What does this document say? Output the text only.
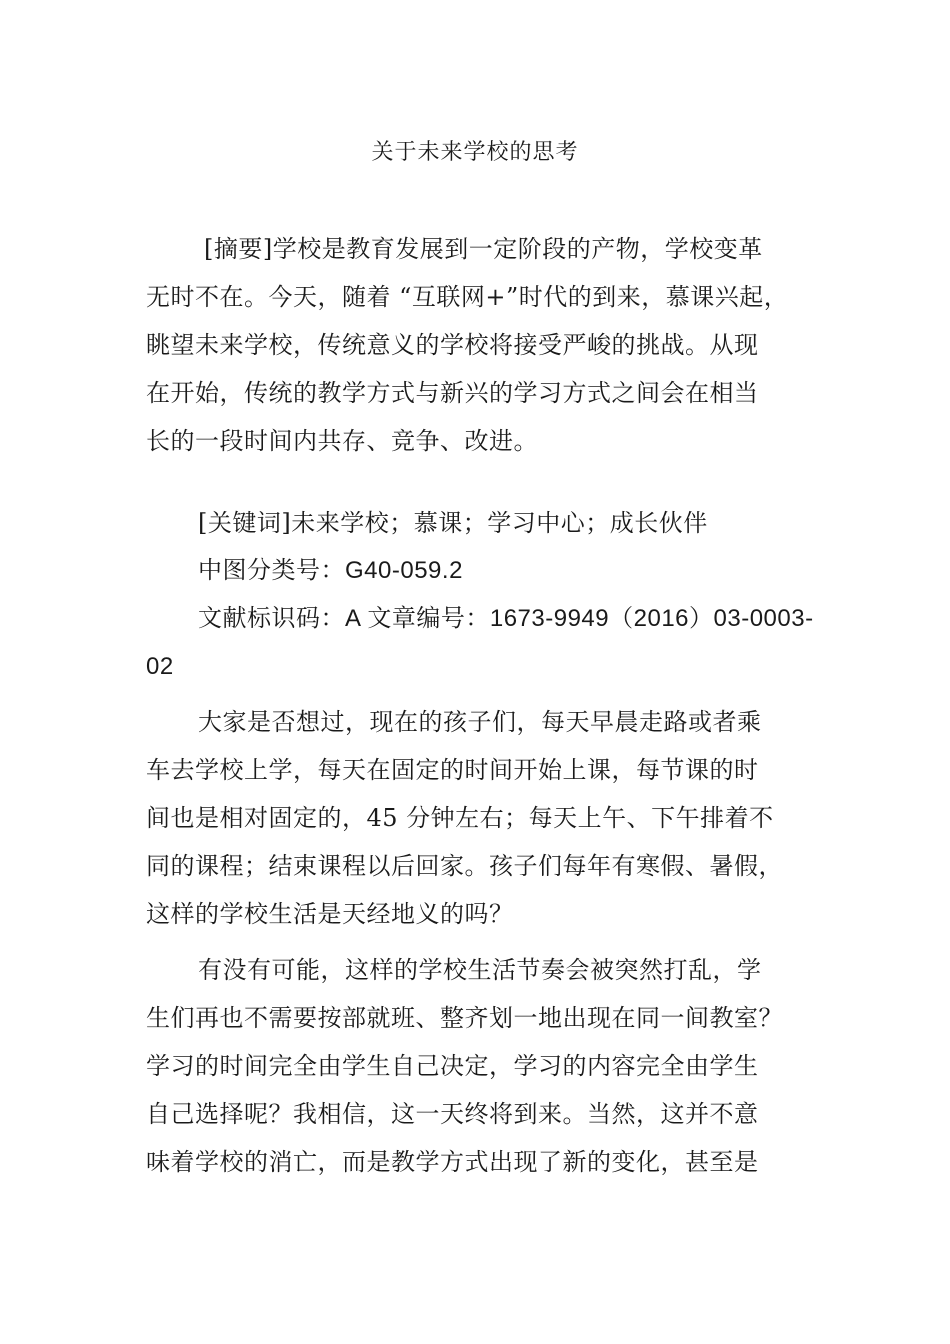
关于未来学校的思考
[摘要]学校是教育发展到一定阶段的产物，学校变革
无时不在。今天，随着 “互联网+”时代的到来，慕课兴起，
眺望未来学校，传统意义的学校将接受严峻的挑战。从现
在开始，传统的教学方式与新兴的学习方式之间会在相当
长的一段时间内共存、竞争、改进。
[关键词]未来学校；慕课；学习中心；成长伙伴
中图分类号：G40-059.2
文献标识码：A 文章编号：1673-9949（2016）03-0003-
02
大家是否想过，现在的孩子们，每天早晨走路或者乘
车去学校上学，每天在固定的时间开始上课，每节课的时
间也是相对固定的，45 分钟左右；每天上午、下午排着不
同的课程；结束课程以后回家。孩子们每年有寒假、暑假，
这样的学校生活是天经地义的吗？
有没有可能，这样的学校生活节奏会被突然打乱，学
生们再也不需要按部就班、整齐划一地出现在同一间教室？
学习的时间完全由学生自己决定，学习的内容完全由学生
自己选择呢？我相信，这一天终将到来。当然，这并不意
味着学校的消亡，而是教学方式出现了新的变化，甚至是
